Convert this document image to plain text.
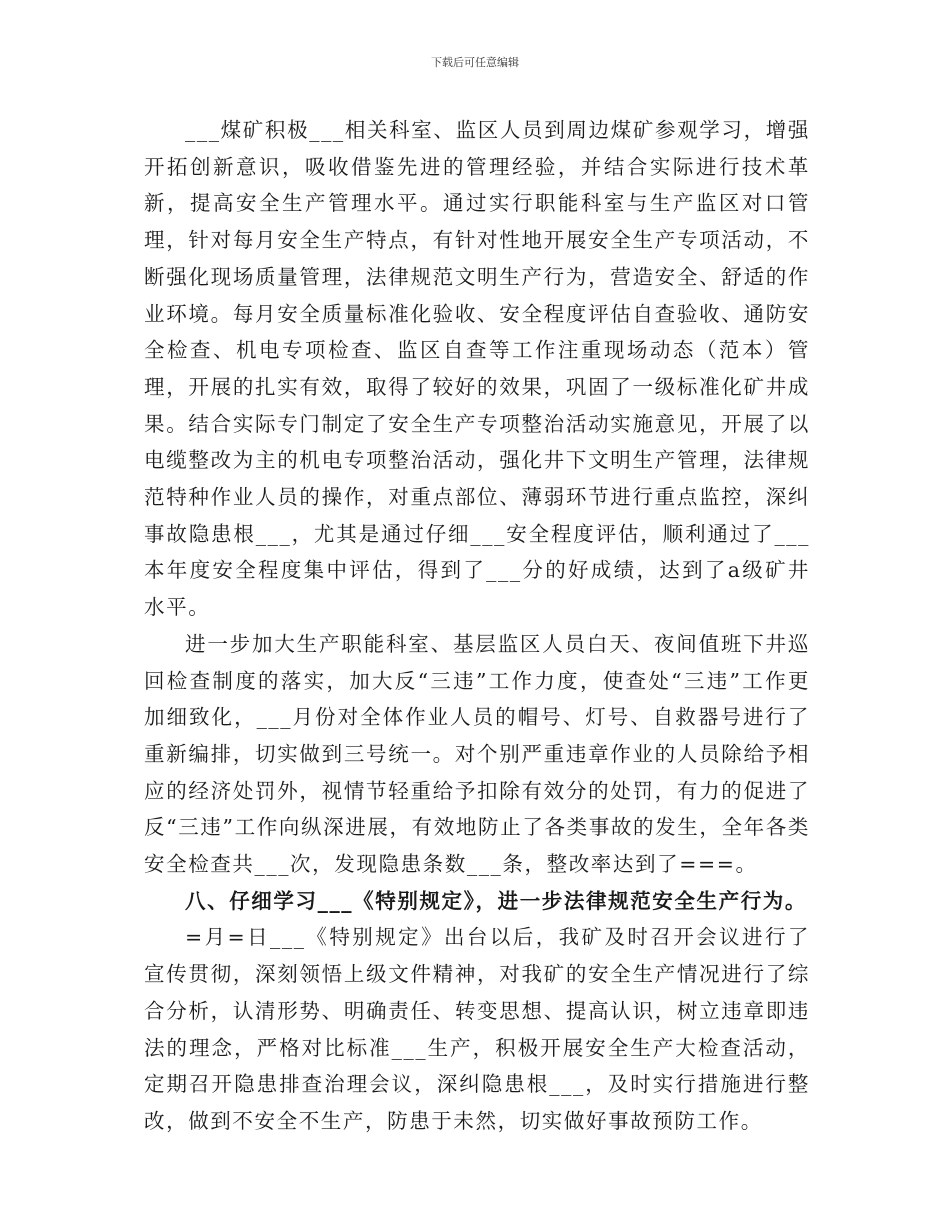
下载后可任意编辑

___煤矿积极___相关科室、监区人员到周边煤矿参观学习，增强开拓创新意识，吸收借鉴先进的管理经验，并结合实际进行技术革新，提高安全生产管理水平。通过实行职能科室与生产监区对口管理，针对每月安全生产特点，有针对性地开展安全生产专项活动，不断强化现场质量管理，法律规范文明生产行为，营造安全、舒适的作业环境。每月安全质量标准化验收、安全程度评估自查验收、通防安全检查、机电专项检查、监区自查等工作注重现场动态（范本）管理，开展的扎实有效，取得了较好的效果，巩固了一级标准化矿井成果。结合实际专门制定了安全生产专项整治活动实施意见，开展了以电缆整改为主的机电专项整治活动，强化井下文明生产管理，法律规范特种作业人员的操作，对重点部位、薄弱环节进行重点监控，深纠事故隐患根___，尤其是通过仔细___安全程度评估，顺利通过了___本年度安全程度集中评估，得到了___分的好成绩，达到了a级矿井水平。

进一步加大生产职能科室、基层监区人员白天、夜间值班下井巡回检查制度的落实，加大反“三违”工作力度，使查处“三违”工作更加细致化，___月份对全体作业人员的帽号、灯号、自救器号进行了重新编排，切实做到三号统一。对个别严重违章作业的人员除给予相应的经济处罚外，视情节轻重给予扣除有效分的处罚，有力的促进了反“三违”工作向纵深进展，有效地防止了各类事故的发生，全年各类安全检查共___次，发现隐患条数___条，整改率达到了===。

八、仔细学习___《特别规定》，进一步法律规范安全生产行为。

=月=日___《特别规定》出台以后，我矿及时召开会议进行了宣传贯彻，深刻领悟上级文件精神，对我矿的安全生产情况进行了综合分析，认清形势、明确责任、转变思想、提高认识，树立违章即违法的理念，严格对比标准___生产，积极开展安全生产大检查活动，定期召开隐患排查治理会议，深纠隐患根___，及时实行措施进行整改，做到不安全不生产，防患于未然，切实做好事故预防工作。
